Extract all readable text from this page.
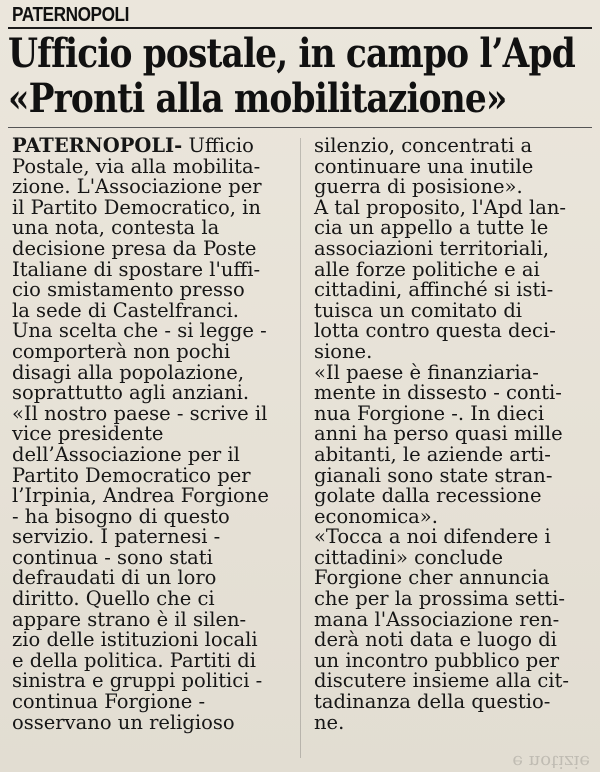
PATERNOPOLI
Ufficio postale, in campo l’Apd
«Pronti alla mobilitazione»
PATERNOPOLI- Ufficio
Postale, via alla mobilita-
zione. L'Associazione per
il Partito Democratico, in
una nota, contesta la
decisione presa da Poste
Italiane di spostare l'uffi-
cio smistamento presso
la sede di Castelfranci.
Una scelta che - si legge -
comporterà non pochi
disagi alla popolazione,
soprattutto agli anziani.
«Il nostro paese - scrive il
vice presidente
dell’Associazione per il
Partito Democratico per
l’Irpinia, Andrea Forgione
- ha bisogno di questo
servizio. I paternesi -
continua - sono stati
defraudati di un loro
diritto. Quello che ci
appare strano è il silen-
zio delle istituzioni locali
e della politica. Partiti di
sinistra e gruppi politici -
continua Forgione -
osservano un religioso
silenzio, concentrati a
continuare una inutile
guerra di posisione».
A tal proposito, l'Apd lan-
cia un appello a tutte le
associazioni territoriali,
alle forze politiche e ai
cittadini, affinché si isti-
tuisca un comitato di
lotta contro questa deci-
sione.
«Il paese è finanziaria-
mente in dissesto - conti-
nua Forgione -. In dieci
anni ha perso quasi mille
abitanti, le aziende arti-
gianali sono state stran-
golate dalla recessione
economica».
«Tocca a noi difendere i
cittadini» conclude
Forgione cher annuncia
che per la prossima setti-
mana l'Associazione ren-
derà noti data e luogo di
un incontro pubblico per
discutere insieme alla cit-
tadinanza della questio-
ne.
e notiziе
